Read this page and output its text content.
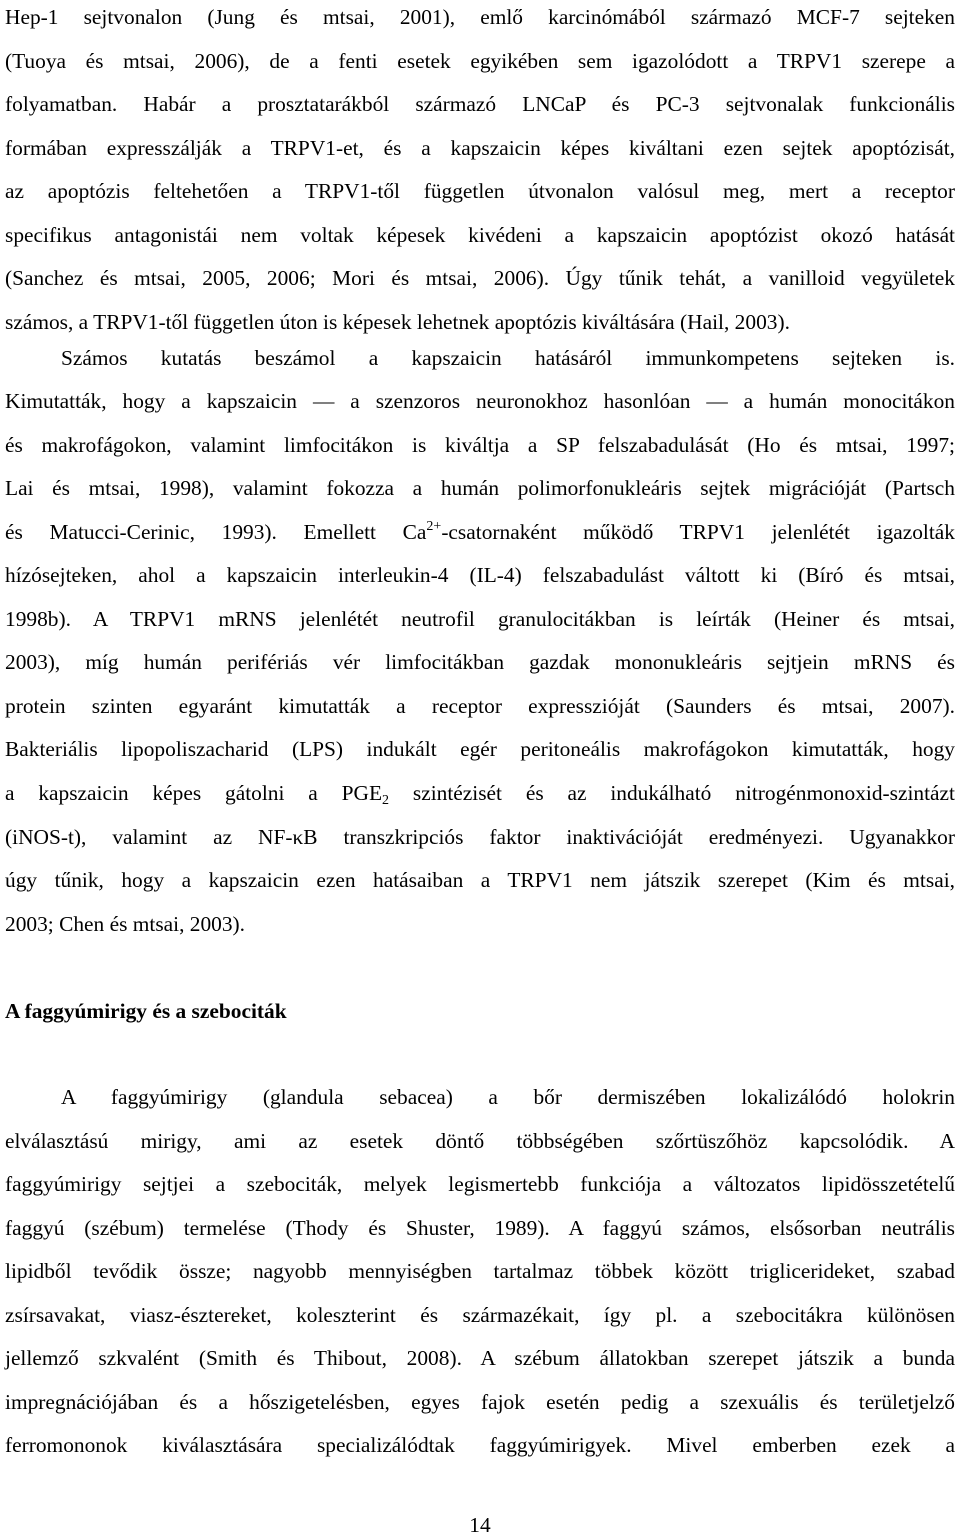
Hep-1 sejtvonalon (Jung és mtsai, 2001), emlő karcinómából származó MCF-7 sejteken
(Tuoya és mtsai, 2006), de a fenti esetek egyikében sem igazolódott a TRPV1 szerepe a
folyamatban. Habár a prosztatarákból származó LNCaP és PC-3 sejtvonalak funkcionális
formában expresszálják a TRPV1-et, és a kapszaicin képes kiváltani ezen sejtek apoptózisát,
az apoptózis feltehetően a TRPV1-től független útvonalon valósul meg, mert a receptor
specifikus antagonistái nem voltak képesek kivédeni a kapszaicin apoptózist okozó hatását
(Sanchez és mtsai, 2005, 2006; Mori és mtsai, 2006). Úgy tűnik tehát, a vanilloid vegyületek
számos, a TRPV1-től független úton is képesek lehetnek apoptózis kiváltására (Hail, 2003).
Számos kutatás beszámol a kapszaicin hatásáról immunkompetens sejteken is.
Kimutatták, hogy a kapszaicin — a szenzoros neuronokhoz hasonlóan — a humán monocitákon
és makrofágokon, valamint limfocitákon is kiváltja a SP felszabadulását (Ho és mtsai, 1997;
Lai és mtsai, 1998), valamint fokozza a humán polimorfonukleáris sejtek migrációját (Partsch
és Matucci-Cerinic, 1993). Emellett $Ca^{2+}$-csatornaként működő TRPV1 jelenlétét igazolták
hízósejteken, ahol a kapszaicin interleukin-4 (IL-4) felszabadulást váltott ki (Bíró és mtsai,
1998b). A TRPV1 mRNS jelenlétét neutrofil granulocitákban is leírták (Heiner és mtsai,
2003), míg humán perifériás vér limfocitákban gazdak mononukleáris sejtjein mRNS és
protein szinten egyaránt kimutatták a receptor expresszióját (Saunders és mtsai, 2007).
Bakteriális lipopoliszacharid (LPS) indukált egér peritoneális makrofágokon kimutatták, hogy
a kapszaicin képes gátolni a $PGE_2$ szintézisét és az indukálható nitrogénmonoxid-szintázt
(iNOS-t), valamint az NF-κB transzkripciós faktor inaktivációját eredményezi. Ugyanakkor
úgy tűnik, hogy a kapszaicin ezen hatásaiban a TRPV1 nem játszik szerepet (Kim és mtsai,
2003; Chen és mtsai, 2003).
A faggyúmirigy és a szebociták
A faggyúmirigy (glandula sebacea) a bőr dermiszében lokalizálódó holokrin
elválasztású mirigy, ami az esetek döntő többségében szőrtüszőhöz kapcsolódik. A
faggyúmirigy sejtjei a szebociták, melyek legismertebb funkciója a változatos lipidösszetételű
faggyú (szébum) termelése (Thody és Shuster, 1989). A faggyú számos, elsősorban neutrális
lipidből tevődik össze; nagyobb mennyiségben tartalmaz többek között triglicerideket, szabad
zsírsavakat, viasz-észtereket, koleszterint és származékait, így pl. a szebocitákra különösen
jellemző szkvalént (Smith és Thibout, 2008). A szébum állatokban szerepet játszik a bunda
impregnációjában és a hőszigetelésben, egyes fajok esetén pedig a szexuális és területjelző
ferromononok kiválasztására specializálódtak faggyúmirigyek. Mivel emberben ezek a
14
